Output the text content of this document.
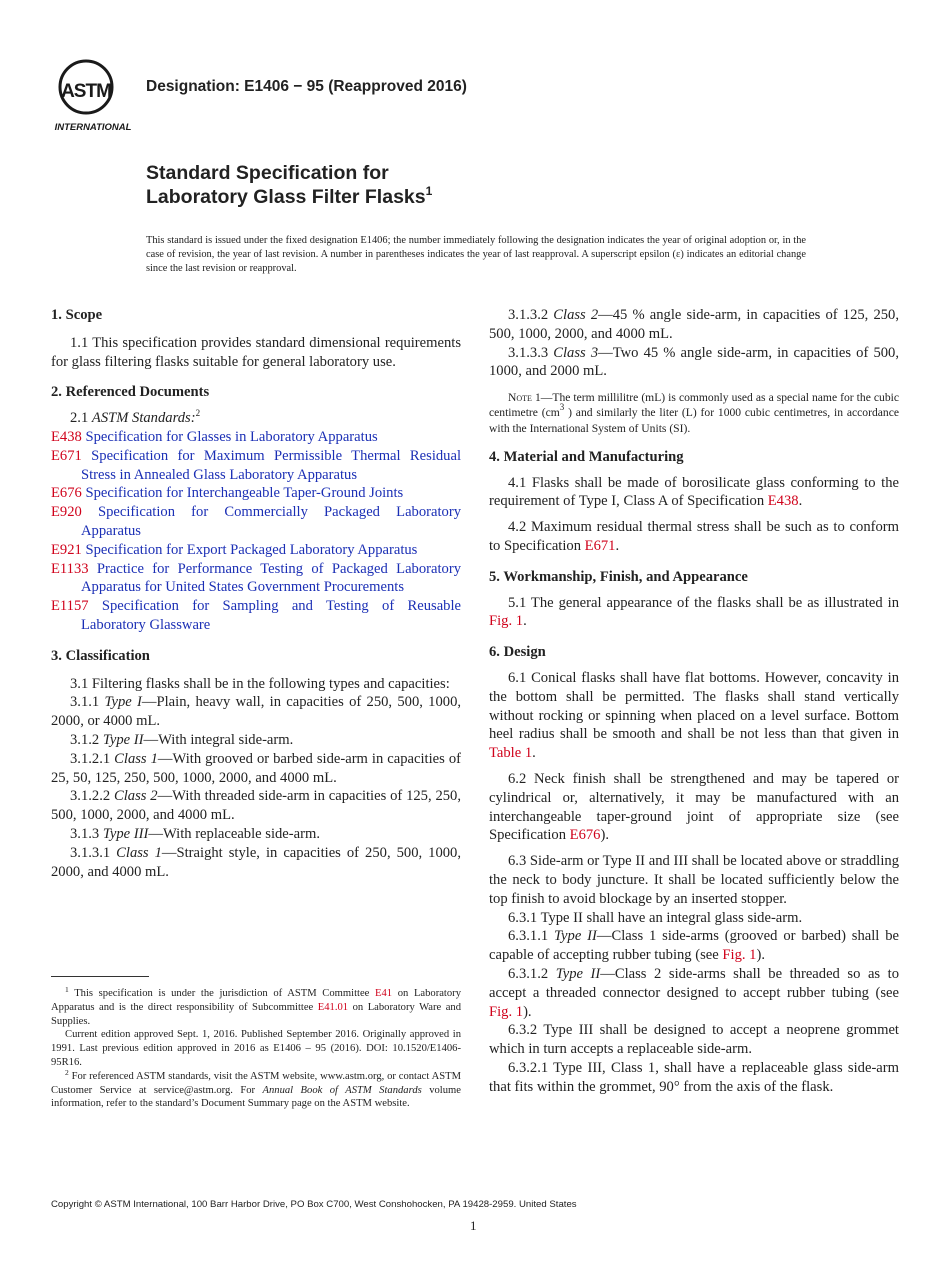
ASTM
INTERNATIONAL
Designation: E1406 − 95 (Reapproved 2016)
Standard Specification for
Laboratory Glass Filter Flasks$^1$
This standard is issued under the fixed designation E1406; the number immediately following the designation indicates the year of original adoption or, in the case of revision, the year of last revision. A number in parentheses indicates the year of last reapproval. A superscript epsilon (ε) indicates an editorial change since the last revision or reapproval.

1. Scope

1.1 This specification provides standard dimensional requirements for glass filtering flasks suitable for general laboratory use.

2. Referenced Documents

2.1 ASTM Standards:$^2$

E438 Specification for Glasses in Laboratory Apparatus

E671 Specification for Maximum Permissible Thermal Residual Stress in Annealed Glass Laboratory Apparatus

E676 Specification for Interchangeable Taper-Ground Joints

E920 Specification for Commercially Packaged Laboratory Apparatus

E921 Specification for Export Packaged Laboratory Apparatus

E1133 Practice for Performance Testing of Packaged Laboratory Apparatus for United States Government Procurements

E1157 Specification for Sampling and Testing of Reusable Laboratory Glassware

3. Classification

3.1 Filtering flasks shall be in the following types and capacities:

3.1.1 Type I—Plain, heavy wall, in capacities of 250, 500, 1000, 2000, or 4000 mL.

3.1.2 Type II—With integral side-arm.

3.1.2.1 Class 1—With grooved or barbed side-arm in capacities of 25, 50, 125, 250, 500, 1000, 2000, and 4000 mL.

3.1.2.2 Class 2—With threaded side-arm in capacities of 125, 250, 500, 1000, 2000, and 4000 mL.

3.1.3 Type III—With replaceable side-arm.

3.1.3.1 Class 1—Straight style, in capacities of 250, 500, 1000, 2000, and 4000 mL.

$^1$ This specification is under the jurisdiction of ASTM Committee E41 on Laboratory Apparatus and is the direct responsibility of Subcommittee E41.01 on Laboratory Ware and Supplies.

Current edition approved Sept. 1, 2016. Published September 2016. Originally approved in 1991. Last previous edition approved in 2016 as E1406 – 95 (2016). DOI: 10.1520/E1406-95R16.

$^2$ For referenced ASTM standards, visit the ASTM website, www.astm.org, or contact ASTM Customer Service at service@astm.org. For Annual Book of ASTM Standards volume information, refer to the standard’s Document Summary page on the ASTM website.

3.1.3.2 Class 2—45 % angle side-arm, in capacities of 125, 250, 500, 1000, 2000, and 4000 mL.

3.1.3.3 Class 3—Two 45 % angle side-arm, in capacities of 500, 1000, and 2000 mL.

Note 1—The term millilitre (mL) is commonly used as a special name for the cubic centimetre ($cm^3$ ) and similarly the liter (L) for 1000 cubic centimetres, in accordance with the International System of Units (SI).

4. Material and Manufacturing

4.1 Flasks shall be made of borosilicate glass conforming to the requirement of Type I, Class A of Specification E438.

4.2 Maximum residual thermal stress shall be such as to conform to Specification E671.

5. Workmanship, Finish, and Appearance

5.1 The general appearance of the flasks shall be as illustrated in Fig. 1.

6. Design

6.1 Conical flasks shall have flat bottoms. However, concavity in the bottom shall be permitted. The flasks shall stand vertically without rocking or spinning when placed on a level surface. Bottom heel radius shall be smooth and shall be not less than that given in Table 1.

6.2 Neck finish shall be strengthened and may be tapered or cylindrical or, alternatively, it may be manufactured with an interchangeable taper-ground joint of appropriate size (see Specification E676).

6.3 Side-arm or Type II and III shall be located above or straddling the neck to body juncture. It shall be located sufficiently below the top finish to avoid blockage by an inserted stopper.

6.3.1 Type II shall have an integral glass side-arm.

6.3.1.1 Type II—Class 1 side-arms (grooved or barbed) shall be capable of accepting rubber tubing (see Fig. 1).

6.3.1.2 Type II—Class 2 side-arms shall be threaded so as to accept a threaded connector designed to accept rubber tubing (see Fig. 1).

6.3.2 Type III shall be designed to accept a neoprene grommet which in turn accepts a replaceable side-arm.

6.3.2.1 Type III, Class 1, shall have a replaceable glass side-arm that fits within the grommet, 90° from the axis of the flask.

Copyright © ASTM International, 100 Barr Harbor Drive, PO Box C700, West Conshohocken, PA 19428-2959. United States
1
